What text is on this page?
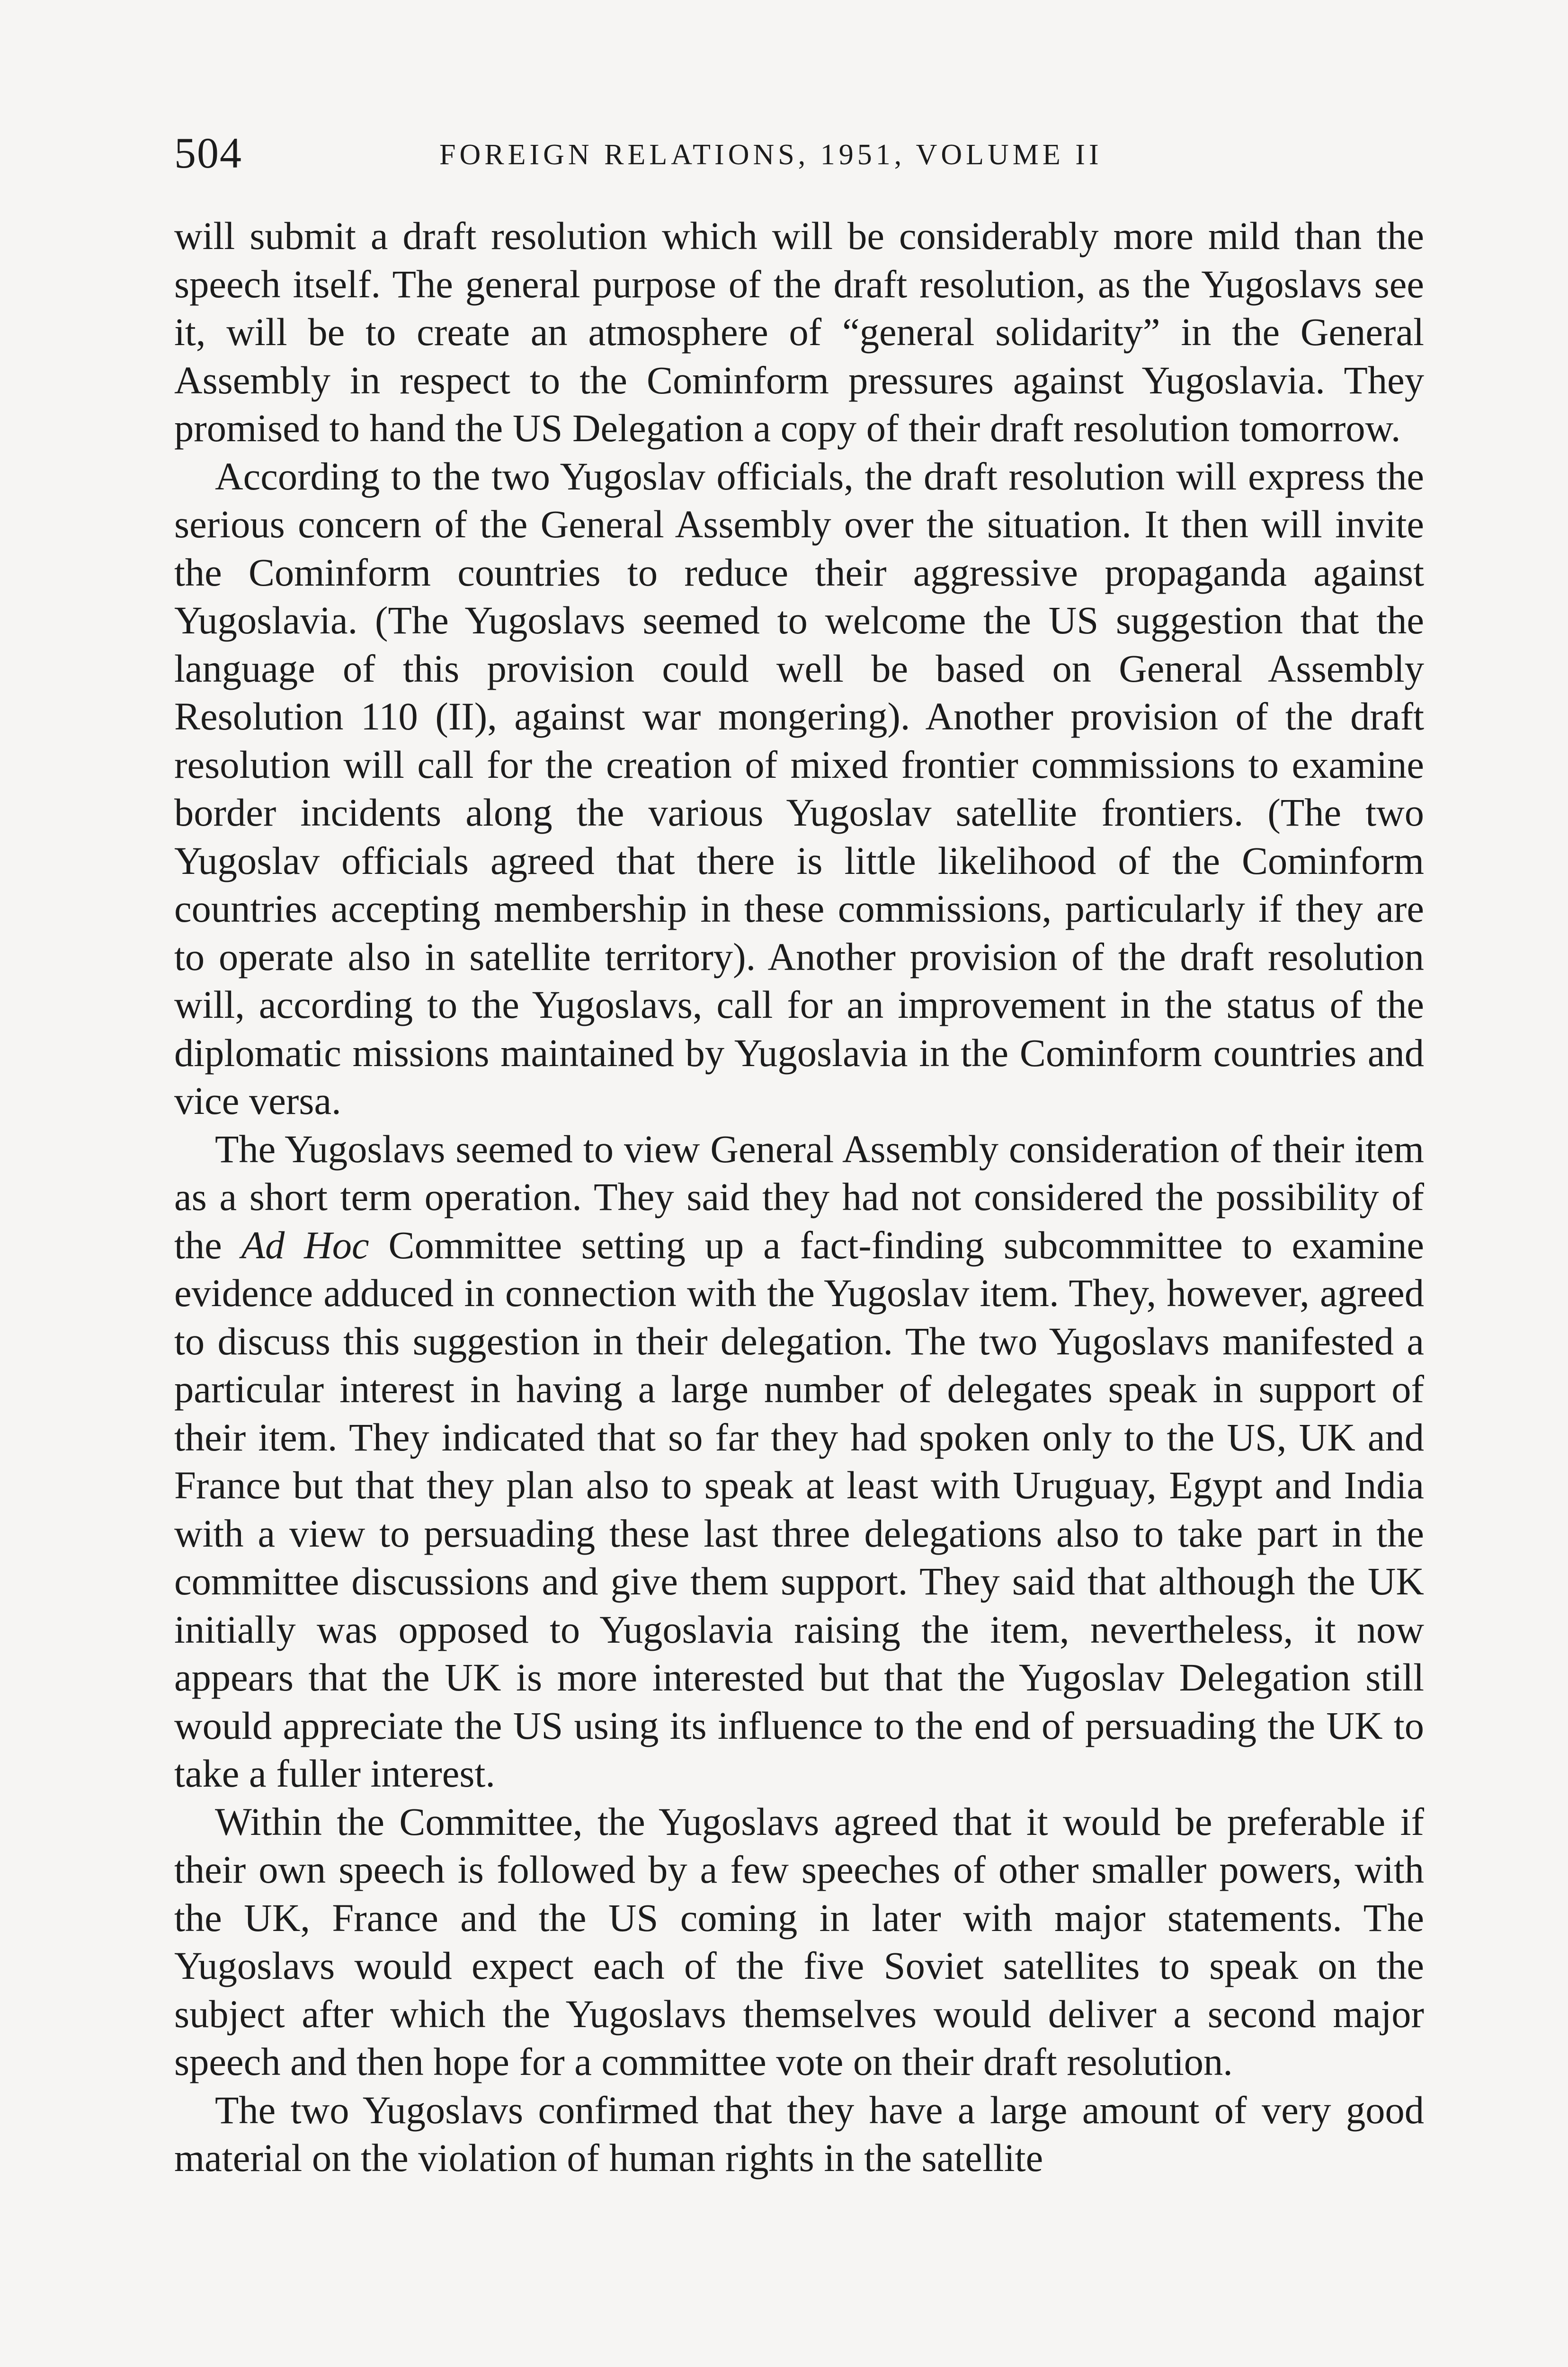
504	FOREIGN RELATIONS, 1951, VOLUME II

will submit a draft resolution which will be considerably more mild than the speech itself. The general purpose of the draft resolution, as the Yugoslavs see it, will be to create an atmosphere of “general solidarity” in the General Assembly in respect to the Cominform pressures against Yugoslavia. They promised to hand the US Delegation a copy of their draft resolution tomorrow.

According to the two Yugoslav officials, the draft resolution will express the serious concern of the General Assembly over the situation. It then will invite the Cominform countries to reduce their aggressive propaganda against Yugoslavia. (The Yugoslavs seemed to welcome the US suggestion that the language of this provision could well be based on General Assembly Resolution 110 (II), against war mongering). Another provision of the draft resolution will call for the creation of mixed frontier commissions to examine border incidents along the various Yugoslav satellite frontiers. (The two Yugoslav officials agreed that there is little likelihood of the Cominform countries accepting membership in these commissions, particularly if they are to operate also in satellite territory). Another provision of the draft resolution will, according to the Yugoslavs, call for an improvement in the status of the diplomatic missions maintained by Yugoslavia in the Cominform countries and vice versa.

The Yugoslavs seemed to view General Assembly consideration of their item as a short term operation. They said they had not considered the possibility of the Ad Hoc Committee setting up a fact-finding subcommittee to examine evidence adduced in connection with the Yugoslav item. They, however, agreed to discuss this suggestion in their delegation. The two Yugoslavs manifested a particular interest in having a large number of delegates speak in support of their item. They indicated that so far they had spoken only to the US, UK and France but that they plan also to speak at least with Uruguay, Egypt and India with a view to persuading these last three delegations also to take part in the committee discussions and give them support. They said that although the UK initially was opposed to Yugoslavia raising the item, nevertheless, it now appears that the UK is more interested but that the Yugoslav Delegation still would appreciate the US using its influence to the end of persuading the UK to take a fuller interest.

Within the Committee, the Yugoslavs agreed that it would be preferable if their own speech is followed by a few speeches of other smaller powers, with the UK, France and the US coming in later with major statements. The Yugoslavs would expect each of the five Soviet satellites to speak on the subject after which the Yugoslavs themselves would deliver a second major speech and then hope for a committee vote on their draft resolution.

The two Yugoslavs confirmed that they have a large amount of very good material on the violation of human rights in the satellite
